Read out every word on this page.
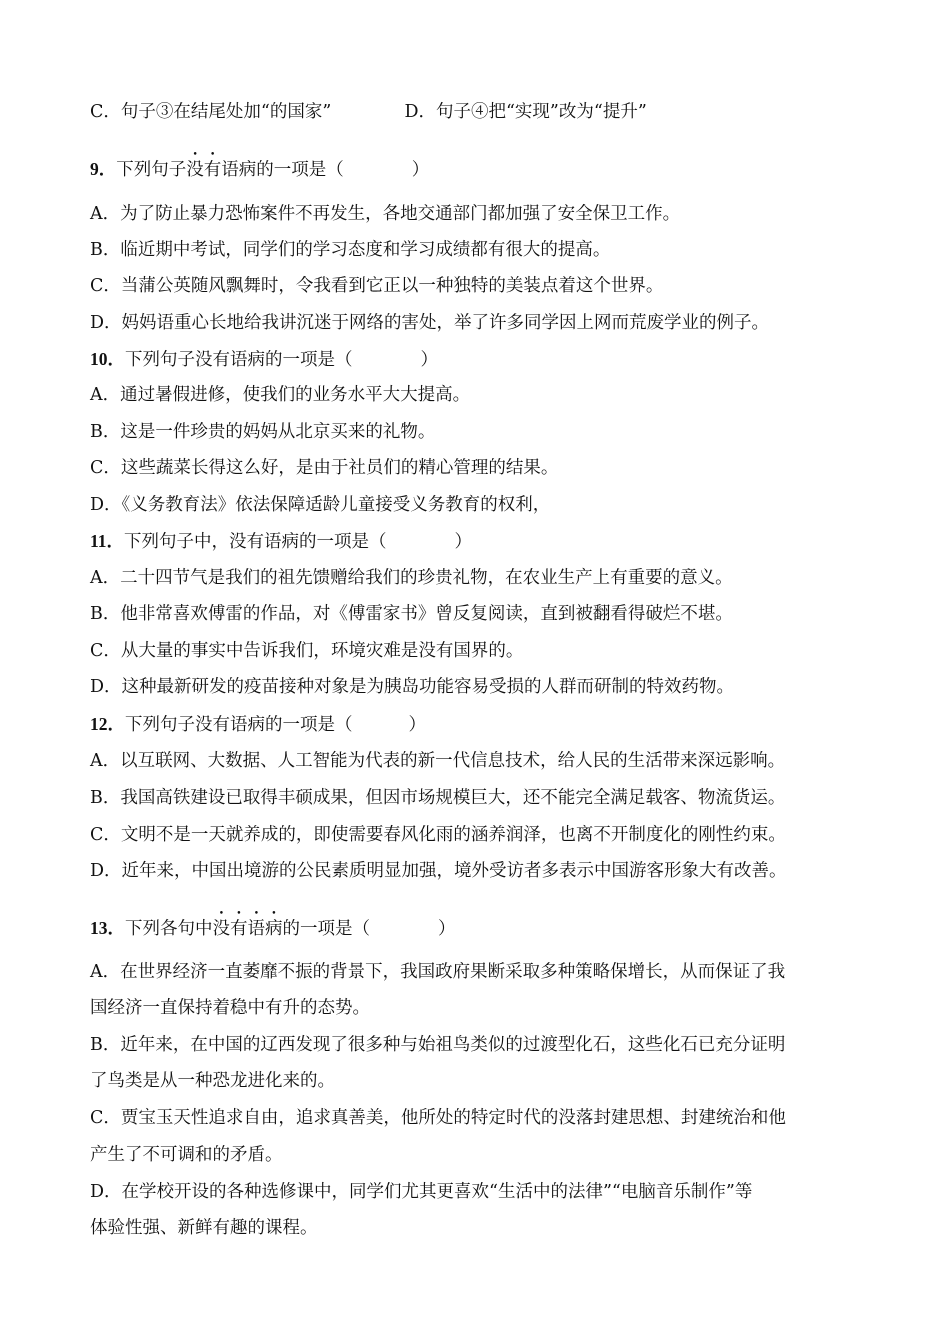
C．句子③在结尾处加“的国家”	D．句子④把“实现”改为“提升”
9．下列句子没有语病的一项是（	）
A．为了防止暴力恐怖案件不再发生，各地交通部门都加强了安全保卫工作。
B．临近期中考试，同学们的学习态度和学习成绩都有很大的提高。
C．当蒲公英随风飘舞时，令我看到它正以一种独特的美装点着这个世界。
D．妈妈语重心长地给我讲沉迷于网络的害处，举了许多同学因上网而荒废学业的例子。
10．下列句子没有语病的一项是（	）
A．通过暑假进修，使我们的业务水平大大提高。
B．这是一件珍贵的妈妈从北京买来的礼物。
C．这些蔬菜长得这么好，是由于社员们的精心管理的结果。
D．《义务教育法》依法保障适龄儿童接受义务教育的权利，
11．下列句子中，没有语病的一项是（	）
A．二十四节气是我们的祖先馈赠给我们的珍贵礼物，在农业生产上有重要的意义。
B．他非常喜欢傅雷的作品，对《傅雷家书》曾反复阅读，直到被翻看得破烂不堪。
C．从大量的事实中告诉我们，环境灾难是没有国界的。
D．这种最新研发的疫苗接种对象是为胰岛功能容易受损的人群而研制的特效药物。
12．下列句子没有语病的一项是（	）
A．以互联网、大数据、人工智能为代表的新一代信息技术，给人民的生活带来深远影响。
B．我国高铁建设已取得丰硕成果，但因市场规模巨大，还不能完全满足载客、物流货运。
C．文明不是一天就养成的，即使需要春风化雨的涵养润泽，也离不开制度化的刚性约束。
D．近年来，中国出境游的公民素质明显加强，境外受访者多表示中国游客形象大有改善。
13．下列各句中没有语病的一项是（	）
A．在世界经济一直萎靡不振的背景下，我国政府果断采取多种策略保增长，从而保证了我
国经济一直保持着稳中有升的态势。
B．近年来，在中国的辽西发现了很多种与始祖鸟类似的过渡型化石，这些化石已充分证明
了鸟类是从一种恐龙进化来的。
C．贾宝玉天性追求自由，追求真善美，他所处的特定时代的没落封建思想、封建统治和他
产生了不可调和的矛盾。
D．在学校开设的各种选修课中，同学们尤其更喜欢“生活中的法律”“电脑音乐制作”等
体验性强、新鲜有趣的课程。
